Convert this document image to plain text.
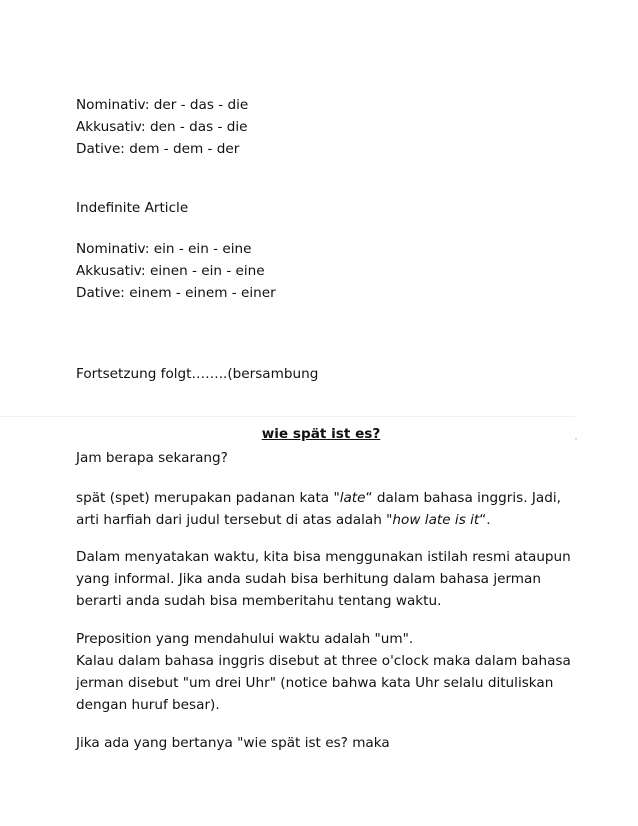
Nominativ: der - das - die
Akkusativ: den - das - die
Dative: dem - dem - der
Indefinite Article
Nominativ: ein - ein - eine
Akkusativ: einen - ein - eine
Dative: einem - einem - einer
Fortsetzung folgt……..(bersambung
wie spät ist es?
Jam berapa sekarang?
spät (spet) merupakan padanan kata "late“ dalam bahasa inggris. Jadi,
arti harfiah dari judul tersebut di atas adalah "how late is it“.
Dalam menyatakan waktu, kita bisa menggunakan istilah resmi ataupun
yang informal. Jika anda sudah bisa berhitung dalam bahasa jerman
berarti anda sudah bisa memberitahu tentang waktu.
Preposition yang mendahului waktu adalah "um".
Kalau dalam bahasa inggris disebut at three o'clock maka dalam bahasa
jerman disebut "um drei Uhr" (notice bahwa kata Uhr selalu dituliskan
dengan huruf besar).
Jika ada yang bertanya "wie spät ist es? maka
